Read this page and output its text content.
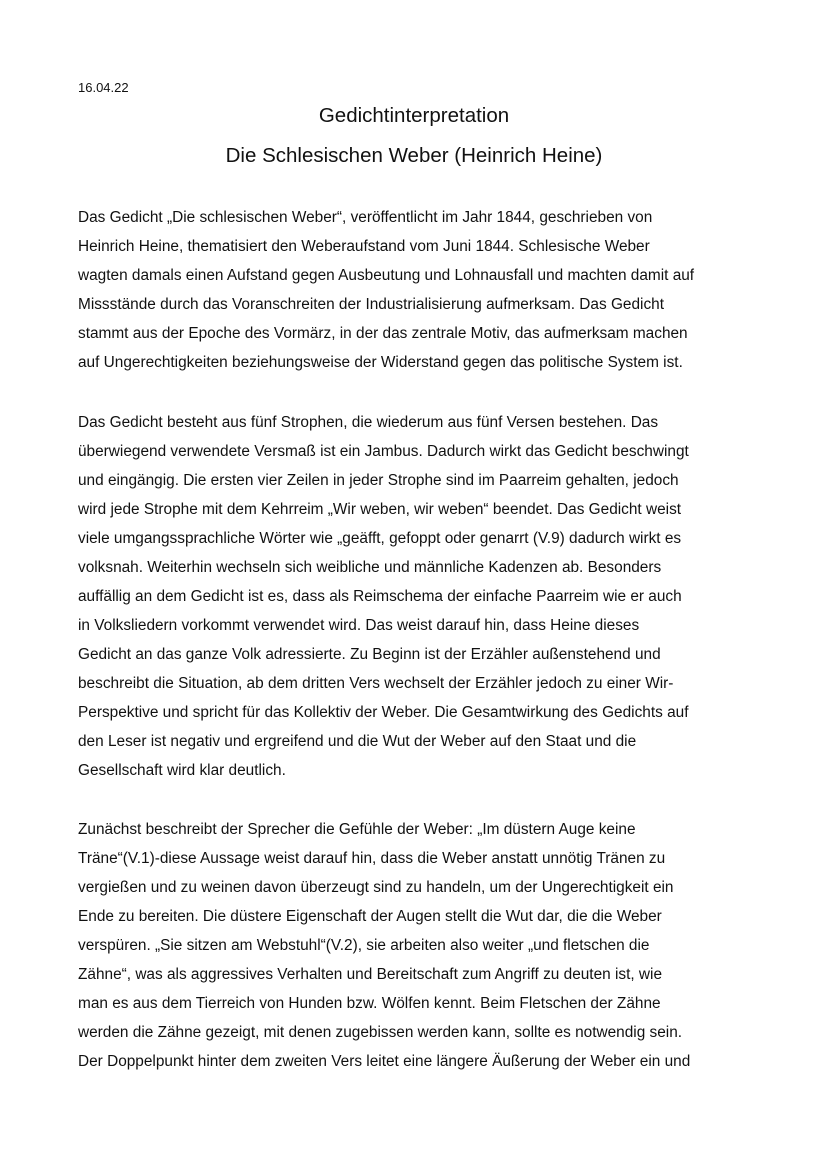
16.04.22
Gedichtinterpretation
Die Schlesischen Weber (Heinrich Heine)
Das Gedicht „Die schlesischen Weber“, veröffentlicht im Jahr 1844, geschrieben von
Heinrich Heine, thematisiert den Weberaufstand vom Juni 1844. Schlesische Weber
wagten damals einen Aufstand gegen Ausbeutung und Lohnausfall und machten damit auf
Missstände durch das Voranschreiten der Industrialisierung aufmerksam. Das Gedicht
stammt aus der Epoche des Vormärz, in der das zentrale Motiv, das aufmerksam machen
auf Ungerechtigkeiten beziehungsweise der Widerstand gegen das politische System ist.
Das Gedicht besteht aus fünf Strophen, die wiederum aus fünf Versen bestehen. Das
überwiegend verwendete Versmaß ist ein Jambus. Dadurch wirkt das Gedicht beschwingt
und eingängig. Die ersten vier Zeilen in jeder Strophe sind im Paarreim gehalten, jedoch
wird jede Strophe mit dem Kehrreim „Wir weben, wir weben“ beendet. Das Gedicht weist
viele umgangssprachliche Wörter wie „geäfft, gefoppt oder genarrt (V.9) dadurch wirkt es
volksnah. Weiterhin wechseln sich weibliche und männliche Kadenzen ab. Besonders
auffällig an dem Gedicht ist es, dass als Reimschema der einfache Paarreim wie er auch
in Volksliedern vorkommt verwendet wird. Das weist darauf hin, dass Heine dieses
Gedicht an das ganze Volk adressierte. Zu Beginn ist der Erzähler außenstehend und
beschreibt die Situation, ab dem dritten Vers wechselt der Erzähler jedoch zu einer Wir-
Perspektive und spricht für das Kollektiv der Weber. Die Gesamtwirkung des Gedichts auf
den Leser ist negativ und ergreifend und die Wut der Weber auf den Staat und die
Gesellschaft wird klar deutlich.
Zunächst beschreibt der Sprecher die Gefühle der Weber: „Im düstern Auge keine
Träne“(V.1)-diese Aussage weist darauf hin, dass die Weber anstatt unnötig Tränen zu
vergießen und zu weinen davon überzeugt sind zu handeln, um der Ungerechtigkeit ein
Ende zu bereiten. Die düstere Eigenschaft der Augen stellt die Wut dar, die die Weber
verspüren. „Sie sitzen am Webstuhl“(V.2), sie arbeiten also weiter „und fletschen die
Zähne“, was als aggressives Verhalten und Bereitschaft zum Angriff zu deuten ist, wie
man es aus dem Tierreich von Hunden bzw. Wölfen kennt. Beim Fletschen der Zähne
werden die Zähne gezeigt, mit denen zugebissen werden kann, sollte es notwendig sein.
Der Doppelpunkt hinter dem zweiten Vers leitet eine längere Äußerung der Weber ein und
